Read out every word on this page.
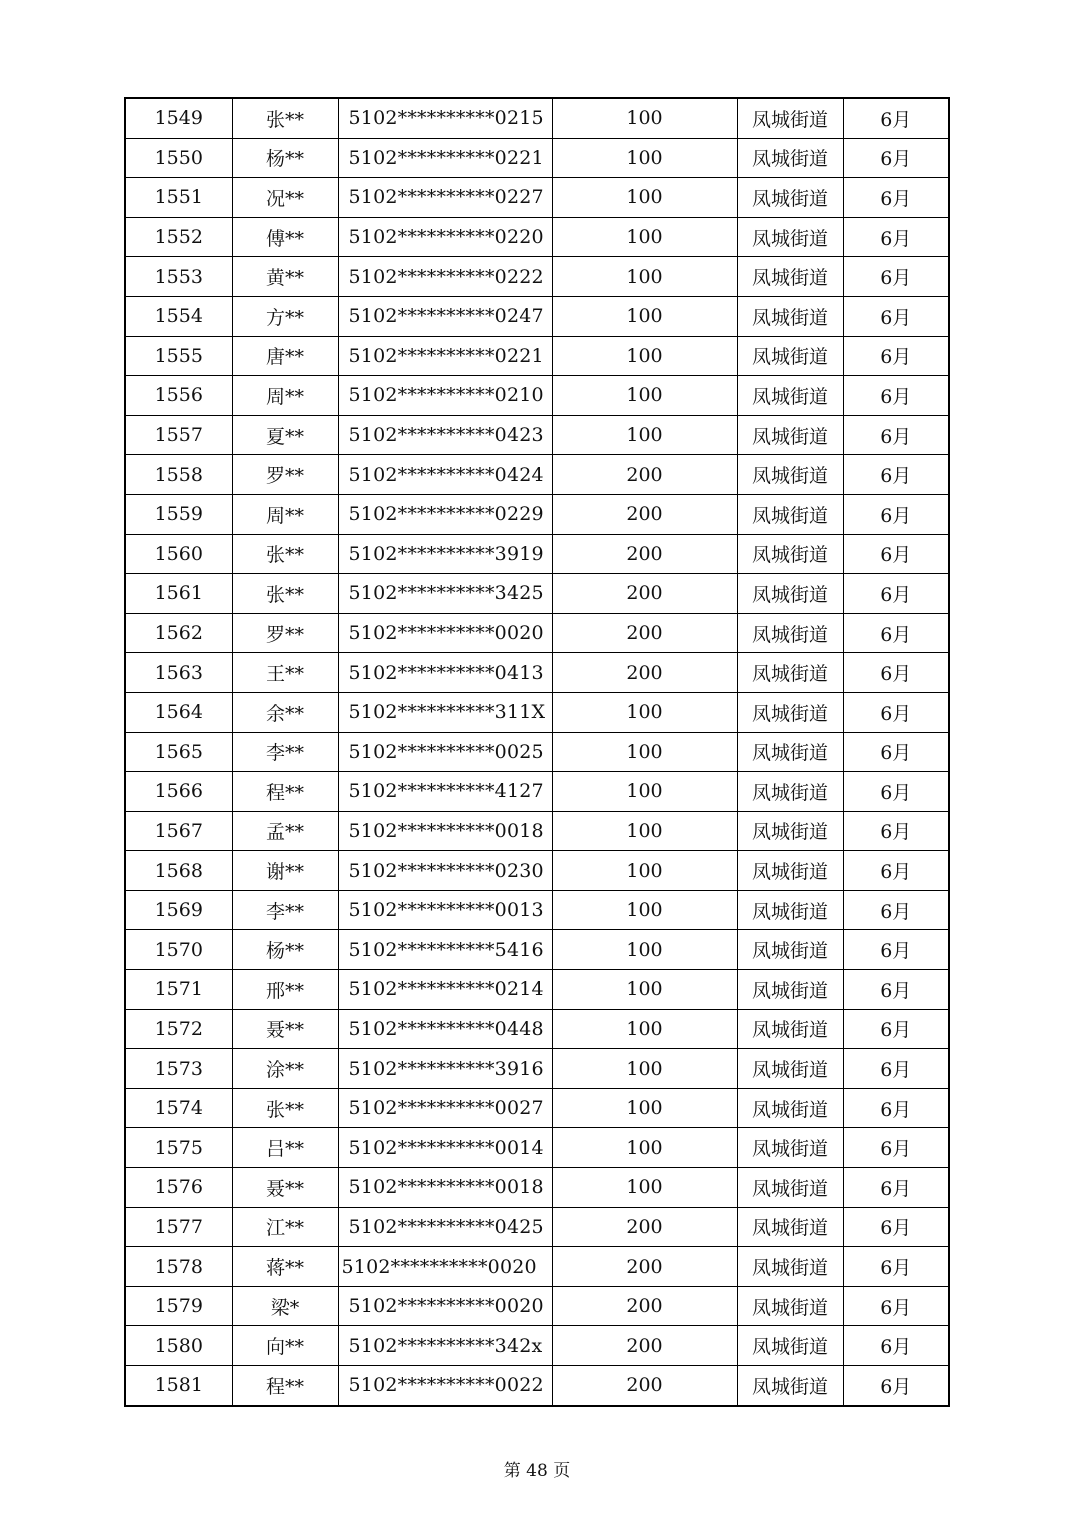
1549	张**	5102**********0215	100	凤城街道	6月
1550	杨**	5102**********0221	100	凤城街道	6月
1551	况**	5102**********0227	100	凤城街道	6月
1552	傅**	5102**********0220	100	凤城街道	6月
1553	黄**	5102**********0222	100	凤城街道	6月
1554	方**	5102**********0247	100	凤城街道	6月
1555	唐**	5102**********0221	100	凤城街道	6月
1556	周**	5102**********0210	100	凤城街道	6月
1557	夏**	5102**********0423	100	凤城街道	6月
1558	罗**	5102**********0424	200	凤城街道	6月
1559	周**	5102**********0229	200	凤城街道	6月
1560	张**	5102**********3919	200	凤城街道	6月
1561	张**	5102**********3425	200	凤城街道	6月
1562	罗**	5102**********0020	200	凤城街道	6月
1563	王**	5102**********0413	200	凤城街道	6月
1564	余**	5102**********311X	100	凤城街道	6月
1565	李**	5102**********0025	100	凤城街道	6月
1566	程**	5102**********4127	100	凤城街道	6月
1567	孟**	5102**********0018	100	凤城街道	6月
1568	谢**	5102**********0230	100	凤城街道	6月
1569	李**	5102**********0013	100	凤城街道	6月
1570	杨**	5102**********5416	100	凤城街道	6月
1571	邢**	5102**********0214	100	凤城街道	6月
1572	聂**	5102**********0448	100	凤城街道	6月
1573	涂**	5102**********3916	100	凤城街道	6月
1574	张**	5102**********0027	100	凤城街道	6月
1575	吕**	5102**********0014	100	凤城街道	6月
1576	聂**	5102**********0018	100	凤城街道	6月
1577	江**	5102**********0425	200	凤城街道	6月
1578	蒋**	5102**********0020	200	凤城街道	6月
1579	梁*	5102**********0020	200	凤城街道	6月
1580	向**	5102**********342x	200	凤城街道	6月
1581	程**	5102**********0022	200	凤城街道	6月
第 48 页
